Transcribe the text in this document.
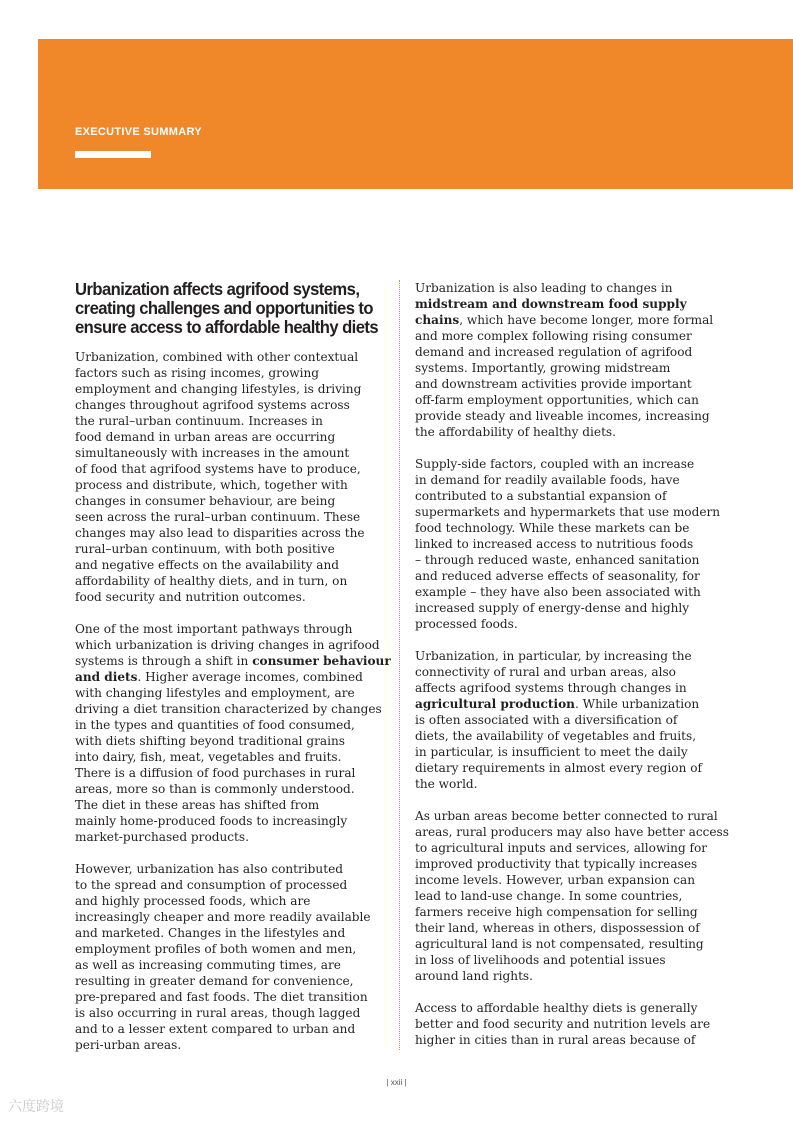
EXECUTIVE SUMMARY
Urbanization affects agrifood systems,
creating challenges and opportunities to
ensure access to affordable healthy diets
Urbanization, combined with other contextual
factors such as rising incomes, growing
employment and changing lifestyles, is driving
changes throughout agrifood systems across
the rural–urban continuum. Increases in
food demand in urban areas are occurring
simultaneously with increases in the amount
of food that agrifood systems have to produce,
process and distribute, which, together with
changes in consumer behaviour, are being
seen across the rural–urban continuum. These
changes may also lead to disparities across the
rural–urban continuum, with both positive
and negative effects on the availability and
affordability of healthy diets, and in turn, on
food security and nutrition outcomes.
One of the most important pathways through
which urbanization is driving changes in agrifood
systems is through a shift in consumer behaviour
and diets. Higher average incomes, combined
with changing lifestyles and employment, are
driving a diet transition characterized by changes
in the types and quantities of food consumed,
with diets shifting beyond traditional grains
into dairy, fish, meat, vegetables and fruits.
There is a diffusion of food purchases in rural
areas, more so than is commonly understood.
The diet in these areas has shifted from
mainly home-produced foods to increasingly
market-purchased products.
However, urbanization has also contributed
to the spread and consumption of processed
and highly processed foods, which are
increasingly cheaper and more readily available
and marketed. Changes in the lifestyles and
employment profiles of both women and men,
as well as increasing commuting times, are
resulting in greater demand for convenience,
pre-prepared and fast foods. The diet transition
is also occurring in rural areas, though lagged
and to a lesser extent compared to urban and
peri-urban areas.
Urbanization is also leading to changes in
midstream and downstream food supply
chains, which have become longer, more formal
and more complex following rising consumer
demand and increased regulation of agrifood
systems. Importantly, growing midstream
and downstream activities provide important
off-farm employment opportunities, which can
provide steady and liveable incomes, increasing
the affordability of healthy diets.
Supply-side factors, coupled with an increase
in demand for readily available foods, have
contributed to a substantial expansion of
supermarkets and hypermarkets that use modern
food technology. While these markets can be
linked to increased access to nutritious foods
– through reduced waste, enhanced sanitation
and reduced adverse effects of seasonality, for
example – they have also been associated with
increased supply of energy-dense and highly
processed foods.
Urbanization, in particular, by increasing the
connectivity of rural and urban areas, also
affects agrifood systems through changes in
agricultural production. While urbanization
is often associated with a diversification of
diets, the availability of vegetables and fruits,
in particular, is insufficient to meet the daily
dietary requirements in almost every region of
the world.
As urban areas become better connected to rural
areas, rural producers may also have better access
to agricultural inputs and services, allowing for
improved productivity that typically increases
income levels. However, urban expansion can
lead to land-use change. In some countries,
farmers receive high compensation for selling
their land, whereas in others, dispossession of
agricultural land is not compensated, resulting
in loss of livelihoods and potential issues
around land rights.
Access to affordable healthy diets is generally
better and food security and nutrition levels are
higher in cities than in rural areas because of
| xxii |
六度跨境
